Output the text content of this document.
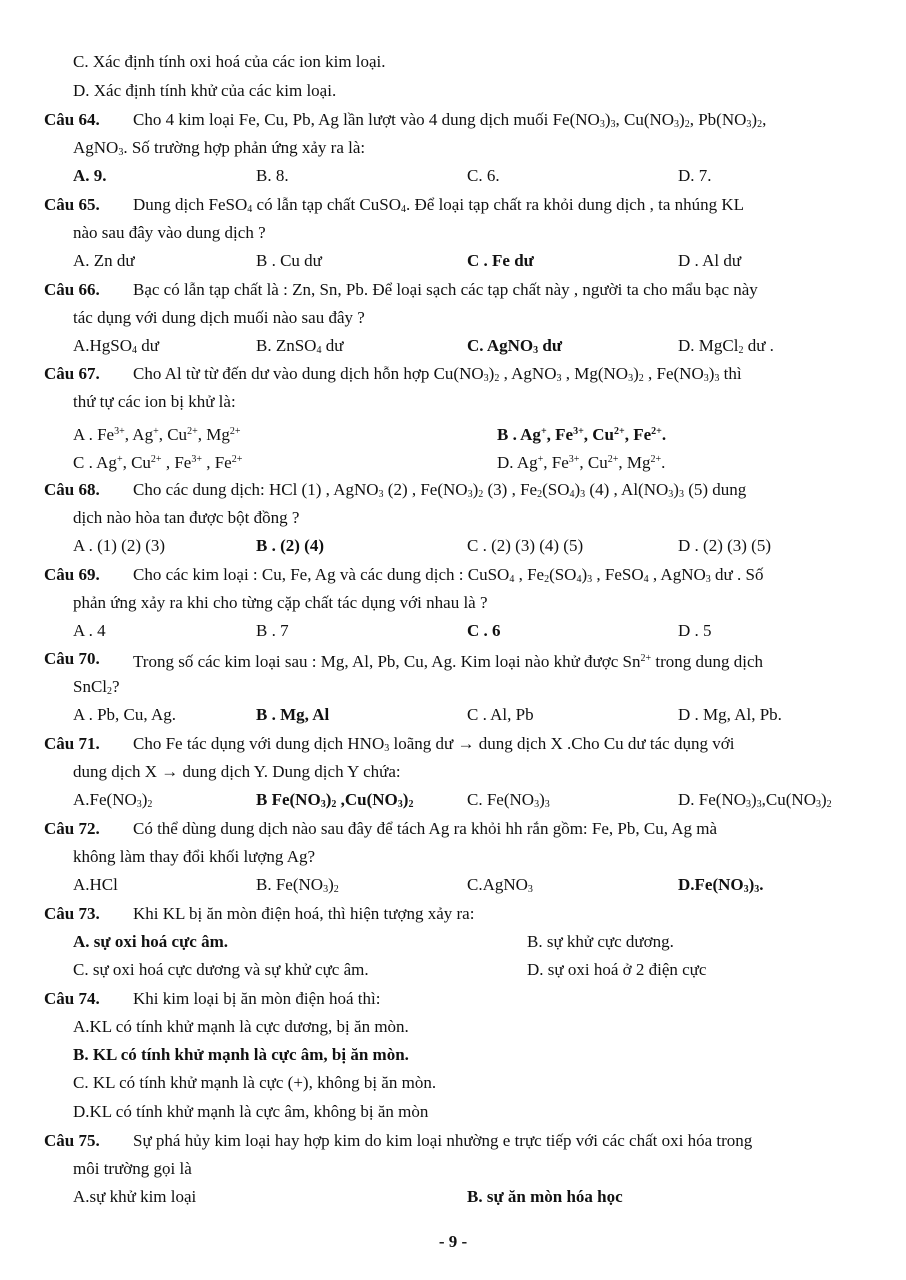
C. Xác định tính oxi hoá của các ion kim loại.
D. Xác định tính khử của các kim loại.
Câu 64. Cho 4 kim loại Fe, Cu, Pb, Ag lần lượt vào 4 dung dịch muối $Fe(NO_3)_3$, $Cu(NO_3)_2$, $Pb(NO_3)_2$,
AgNO$_3$. Số trường hợp phản ứng xảy ra là:
A. 9.	B. 8.	C. 6.	D. 7.
Câu 65. Dung dịch FeSO$_4$ có lẫn tạp chất CuSO$_4$. Để loại tạp chất ra khỏi dung dịch , ta nhúng KL
nào sau đây vào dung dịch ?
A. Zn dư	B . Cu dư	C . Fe dư	D . Al dư
Câu 66. Bạc có lẫn tạp chất là : Zn, Sn, Pb. Để loại sạch các tạp chất này , người ta cho mẩu bạc này
tác dụng với dung dịch muối nào sau đây ?
A.HgSO$_4$ dư	B. ZnSO$_4$ dư	C. AgNO$_3$ dư	D. MgCl$_2$ dư .
Câu 67. Cho Al từ từ đến dư vào dung dịch hỗn hợp $Cu(NO_3)_2$ , AgNO$_3$ , $Mg(NO_3)_2$ , $Fe(NO_3)_3$ thì
thứ tự các ion bị khử là:
A . $Fe^{3+}$, Ag+, $Cu^{2+}$, $Mg^{2+}$	B . Ag+, $Fe^{3+}$, $Cu^{2+}$, $Fe^{2+}$.
C . Ag+, $Cu^{2+}$ , $Fe^{3+}$ , $Fe^{2+}$	D. Ag+, $Fe^{3+}$, $Cu^{2+}$, $Mg^{2+}$.
Câu 68. Cho các dung dịch: HCl (1) , AgNO$_3$ (2) , $Fe(NO_3)_2$ (3) , $Fe_2(SO_4)_3$ (4) , $Al(NO_3)_3$ (5) dung
dịch nào hòa tan được bột đồng ?
A . (1) (2) (3)	B . (2) (4)	C . (2) (3) (4) (5)	D . (2) (3) (5)
Câu 69. Cho các kim loại : Cu, Fe, Ag và các dung dịch : CuSO$_4$ , $Fe_2(SO_4)_3$ , FeSO$_4$ , AgNO$_3$ dư . Số
phản ứng xảy ra khi cho từng cặp chất tác dụng với nhau là ?
A . 4	B . 7	C . 6	D . 5
Câu 70. Trong số các kim loại sau : Mg, Al, Pb, Cu, Ag. Kim loại nào khử được $Sn^{2+}$ trong dung dịch
SnCl$_2$?
A . Pb, Cu, Ag.	B . Mg, Al	C . Al, Pb	D . Mg, Al, Pb.
Câu 71. Cho Fe tác dụng với dung dịch $HNO_3$ loãng dư → dung dịch X .Cho Cu dư tác dụng với
dung dịch X → dung dịch Y. Dung dịch Y chứa:
$A.Fe(NO_3)_2$	B $Fe(NO_3)_2$ $,Cu(NO_3)_2$	C. $Fe(NO_3)_3$	D. $Fe(NO_3)_3,Cu(NO_3)_2$
Câu 72. Có thể dùng dung dịch nào sau đây để tách Ag ra khỏi hh rắn gồm: Fe, Pb, Cu, Ag mà
không làm thay đổi khối lượng Ag?
A.HCl	B. $Fe(NO_3)_2$	C.AgNO$_3$	$D.Fe(NO_3)_3$.
Câu 73. Khi KL bị ăn mòn điện hoá, thì hiện tượng xảy ra:
A. sự oxi hoá cực âm.	B. sự khử cực dương.
C. sự oxi hoá cực dương và sự khử cực âm.	D. sự oxi hoá ở 2 điện cực
Câu 74. Khi kim loại bị ăn mòn điện hoá thì:
A.KL có tính khử mạnh là cực dương, bị ăn mòn.
B. KL có tính khử mạnh là cực âm, bị ăn mòn.
C. KL có tính khử mạnh là cực (+), không bị ăn mòn.
D.KL có tính khử mạnh là cực âm, không bị ăn mòn
Câu 75. Sự phá hủy kim loại hay hợp kim do kim loại nhường e trực tiếp với các chất oxi hóa trong
môi trường gọi là
A.sự khử kim loại	B. sự ăn mòn hóa học
- 9 -
